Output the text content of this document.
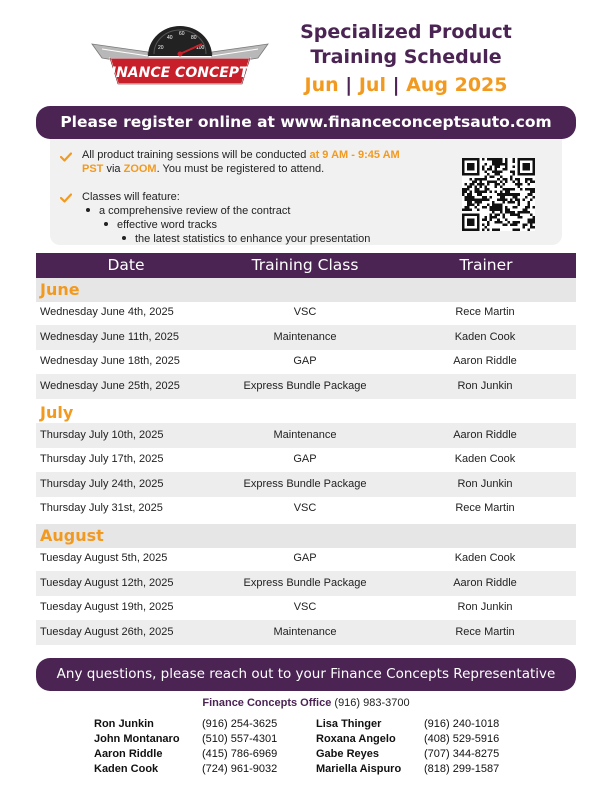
20
40
60
80
100
FINANCE CONCEPTS
Specialized Product
Training Schedule
Jun | Jul | Aug 2025
Please register online at www.financeconceptsauto.com
All product training sessions will be conducted at 9 AM - 9:45 AM
PST via ZOOM. You must be registered to attend.
Classes will feature:
a comprehensive review of the contract
effective word tracks
the latest statistics to enhance your presentation
Date	Training Class	Trainer
June
Wednesday June 4th, 2025	VSC	Rece Martin
Wednesday June 11th, 2025	Maintenance	Kaden Cook
Wednesday June 18th, 2025	GAP	Aaron Riddle
Wednesday June 25th, 2025	Express Bundle Package	Ron Junkin
July
Thursday July 10th, 2025	Maintenance	Aaron Riddle
Thursday July 17th, 2025	GAP	Kaden Cook
Thursday July 24th, 2025	Express Bundle Package	Ron Junkin
Thursday July 31st, 2025	VSC	Rece Martin
August
Tuesday August 5th, 2025	GAP	Kaden Cook
Tuesday August 12th, 2025	Express Bundle Package	Aaron Riddle
Tuesday August 19th, 2025	VSC	Ron Junkin
Tuesday August 26th, 2025	Maintenance	Rece Martin
Any questions, please reach out to your Finance Concepts Representative
Finance Concepts Office (916) 983-3700
Ron Junkin	(916) 254-3625
John Montanaro (510) 557-4301
Aaron Riddle	(415) 786-6969
Kaden Cook	(724) 961-9032
Lisa Thinger	(916) 240-1018
Roxana Angelo	(408) 529-5916
Gabe Reyes	(707) 344-8275
Mariella Aispuro (818) 299-1587
